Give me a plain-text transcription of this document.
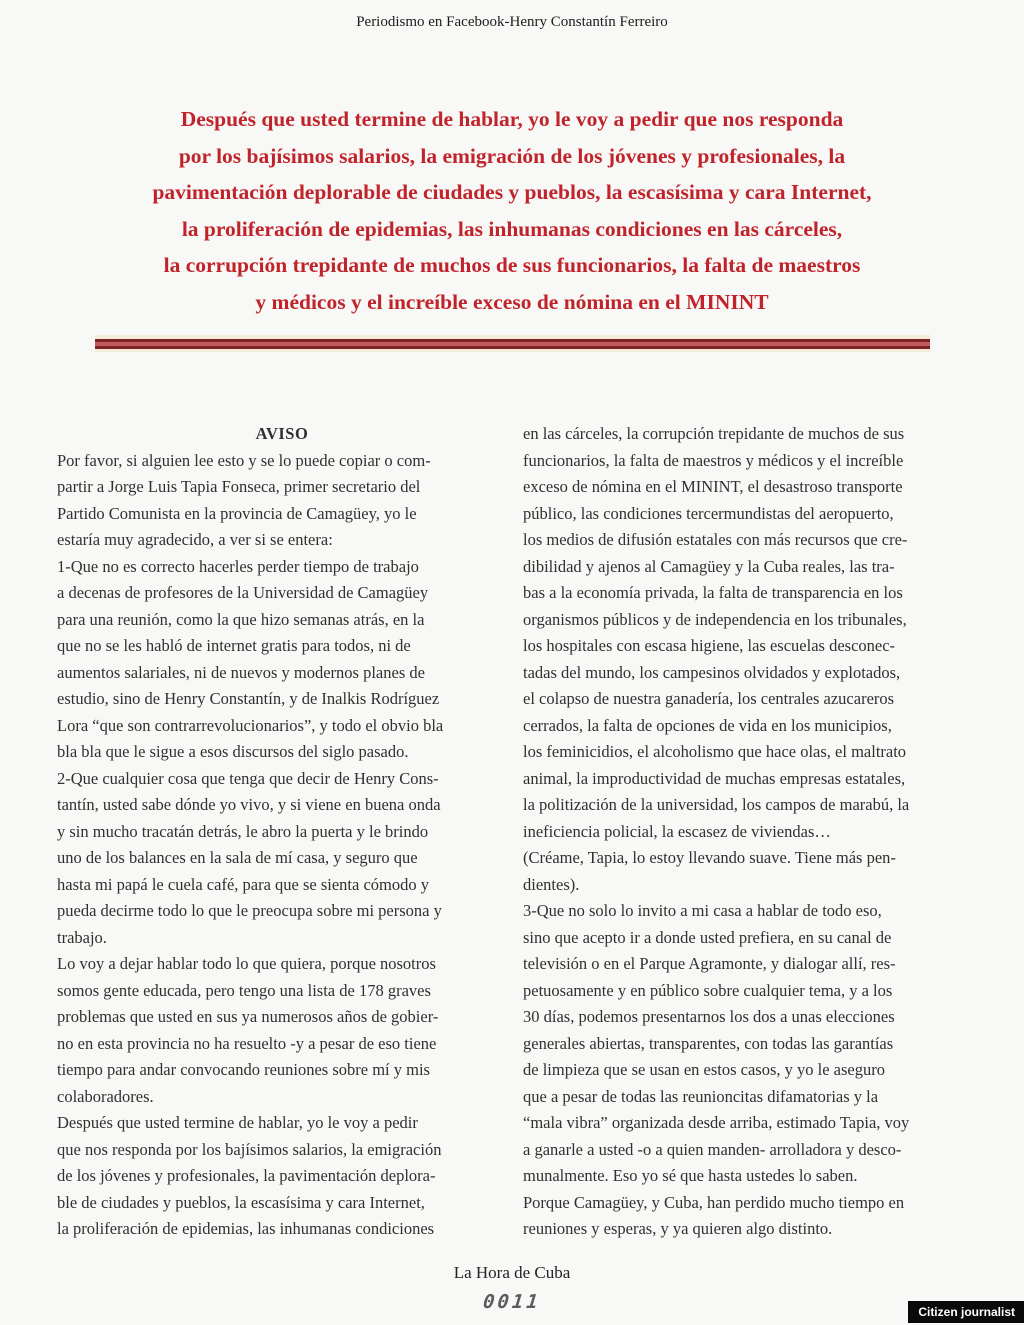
Periodismo en Facebook-Henry Constantín Ferreiro
Después que usted termine de hablar, yo le voy a pedir que nos responda
por los bajísimos salarios, la emigración de los jóvenes y profesionales, la
pavimentación deplorable de ciudades y pueblos, la escasísima y cara Internet,
la proliferación de epidemias, las inhumanas condiciones en las cárceles,
la corrupción trepidante de muchos de sus funcionarios, la falta de maestros
y médicos y el increíble exceso de nómina en el MININT
AVISO
Por favor, si alguien lee esto y se lo puede copiar o com-
partir a Jorge Luis Tapia Fonseca, primer secretario del
Partido Comunista en la provincia de Camagüey, yo le
estaría muy agradecido, a ver si se entera:
1-Que no es correcto hacerles perder tiempo de trabajo
a decenas de profesores de la Universidad de Camagüey
para una reunión, como la que hizo semanas atrás, en la
que no se les habló de internet gratis para todos, ni de
aumentos salariales, ni de nuevos y modernos planes de
estudio, sino de Henry Constantín, y de Inalkis Rodríguez
Lora “que son contrarrevolucionarios”, y todo el obvio bla
bla bla que le sigue a esos discursos del siglo pasado.
2-Que cualquier cosa que tenga que decir de Henry Cons-
tantín, usted sabe dónde yo vivo, y si viene en buena onda
y sin mucho tracatán detrás, le abro la puerta y le brindo
uno de los balances en la sala de mí casa, y seguro que
hasta mi papá le cuela café, para que se sienta cómodo y
pueda decirme todo lo que le preocupa sobre mi persona y
trabajo.
Lo voy a dejar hablar todo lo que quiera, porque nosotros
somos gente educada, pero tengo una lista de 178 graves
problemas que usted en sus ya numerosos años de gobier-
no en esta provincia no ha resuelto -y a pesar de eso tiene
tiempo para andar convocando reuniones sobre mí y mis
colaboradores.
Después que usted termine de hablar, yo le voy a pedir
que nos responda por los bajísimos salarios, la emigración
de los jóvenes y profesionales, la pavimentación deplora-
ble de ciudades y pueblos, la escasísima y cara Internet,
la proliferación de epidemias, las inhumanas condiciones
en las cárceles, la corrupción trepidante de muchos de sus
funcionarios, la falta de maestros y médicos y el increíble
exceso de nómina en el MININT, el desastroso transporte
público, las condiciones tercermundistas del aeropuerto,
los medios de difusión estatales con más recursos que cre-
dibilidad y ajenos al Camagüey y la Cuba reales, las tra-
bas a la economía privada, la falta de transparencia en los
organismos públicos y de independencia en los tribunales,
los hospitales con escasa higiene, las escuelas desconec-
tadas del mundo, los campesinos olvidados y explotados,
el colapso de nuestra ganadería, los centrales azucareros
cerrados, la falta de opciones de vida en los municipios,
los feminicidios, el alcoholismo que hace olas, el maltrato
animal, la improductividad de muchas empresas estatales,
la politización de la universidad, los campos de marabú, la
ineficiencia policial, la escasez de viviendas…
(Créame, Tapia, lo estoy llevando suave. Tiene más pen-
dientes).
3-Que no solo lo invito a mi casa a hablar de todo eso,
sino que acepto ir a donde usted prefiera, en su canal de
televisión o en el Parque Agramonte, y dialogar allí, res-
petuosamente y en público sobre cualquier tema, y a los
30 días, podemos presentarnos los dos a unas elecciones
generales abiertas, transparentes, con todas las garantías
de limpieza que se usan en estos casos, y yo le aseguro
que a pesar de todas las reunioncitas difamatorias y la
“mala vibra” organizada desde arriba, estimado Tapia, voy
a ganarle a usted -o a quien manden- arrolladora y desco-
munalmente. Eso yo sé que hasta ustedes lo saben.
Porque Camagüey, y Cuba, han perdido mucho tiempo en
reuniones y esperas, y ya quieren algo distinto.
La Hora de Cuba
0011	Citizen journalist
